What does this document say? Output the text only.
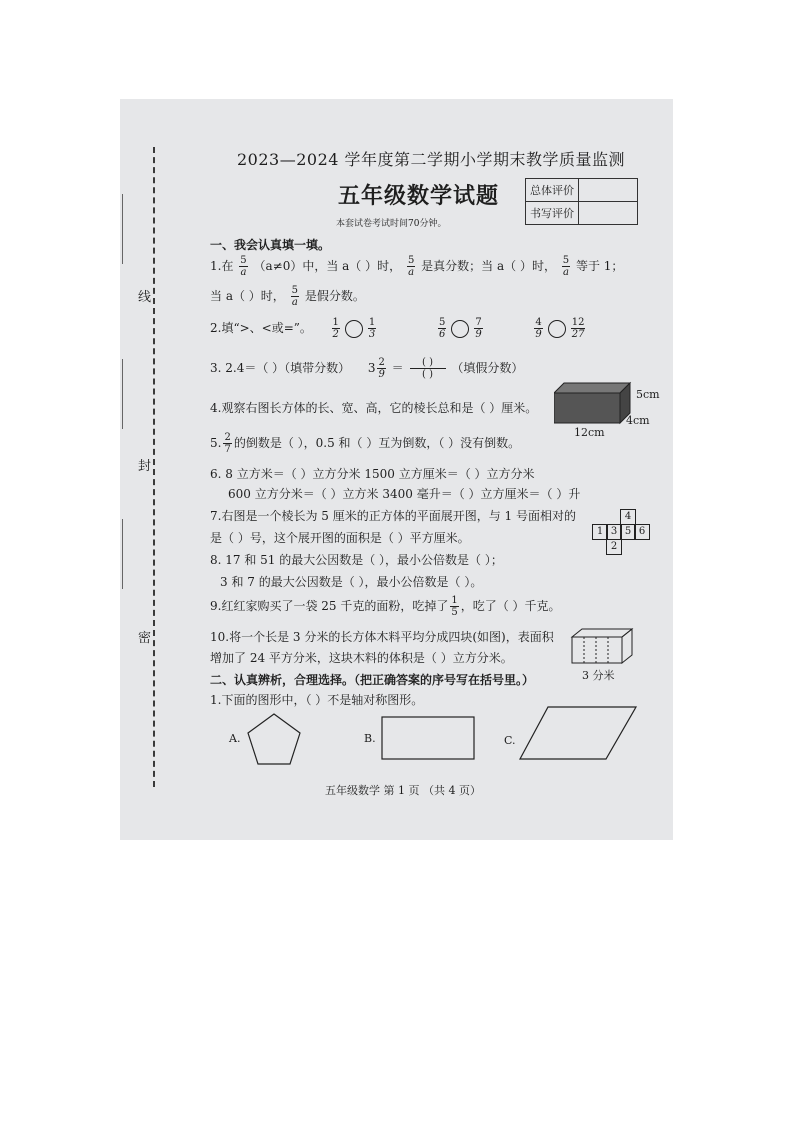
线
封
密
2023—2024 学年度第二学期小学期末教学质量监测
五年级数学试题
本套试卷考试时间70分钟。
总体评价	
书写评价	
一、我会认真填一填。
1.在 $\frac{5}{a} (a\ne 0)$中，当 a（ ）时， $\frac{5}{a}$ 是真分数；当 a（ ）时， $\frac{5}{a}$ 等于 1；
当 a（ ）时， $\frac{5}{a}$ 是假分数。
2.填“>、<或=”。 $\frac{1}{2}$	$\frac{1}{3}$
	$\frac{5}{6}$	$\frac{7}{9}$
	$\frac{4}{9}$	$\frac{12}{27}$
3. 2.4＝（ ）（填带分数） $3 \frac{2}{9} = \frac{( )}{( )}$ （填假分数）
4.观察右图长方体的长、宽、高，它的棱长总和是（ ）厘米。
5. $\frac{2}{7}$ 的倒数是（ ），0.5 和（ ）互为倒数，（ ）没有倒数。
6. 8 立方米＝（ ）立方分米 1500 立方厘米＝（ ）立方分米
600 立方分米＝（ ）立方米 3400 毫升＝（ ）立方厘米＝（ ）升
7.右图是一个棱长为 5 厘米的正方体的平面展开图，与 1 号面相对的
是（ ）号，这个展开图的面积是（ ）平方厘米。
8. 17 和 51 的最大公因数是（ ），最小公倍数是（ ）；
3 和 7 的最大公因数是（ ），最小公倍数是（ ）。
9.红红家购买了一袋 25 千克的面粉，吃掉了 $\frac{1}{5}$ ，吃了（ ）千克。
10.将一个长是 3 分米的长方体木料平均分成四块(如图)，表面积
增加了 24 平方分米，这块木料的体积是（ ）立方分米。
二、认真辨析，合理选择。（把正确答案的序号写在括号里。）
1.下面的图形中，（ ）不是轴对称图形。
5cm
4cm
12cm
4
1 3 5 6
2
3 分米
A.	B.	C.
五年级数学 第 1 页 （共 4 页）
